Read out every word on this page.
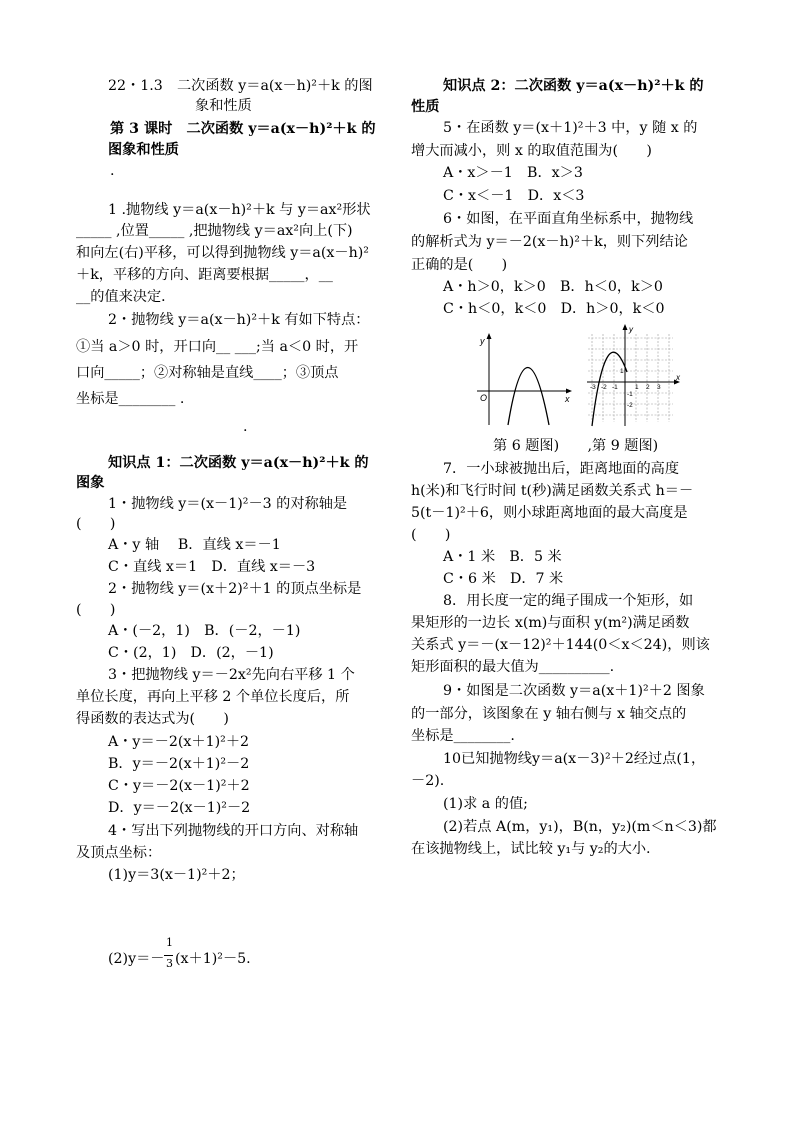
22・1.3　二次函数 y＝a(x－h)²＋k 的图
象和性质
第 3 课时　二次函数 y＝a(x－h)²＋k 的
图象和性质
.
1 .抛物线 y＝a(x－h)²＋k 与 y＝ax²形状
_____ ,位置_____ ,把抛物线 y＝ax²向上(下)
和向左(右)平移，可以得到抛物线 y＝a(x－h)²
＋k，平移的方向、距离要根据_____，__
__的值来决定．
2・抛物线 y＝a(x－h)²＋k 有如下特点：
①当 a＞0 时，开口向__ ___;当 a＜0 时，开
口向_____；②对称轴是直线____；③顶点
坐标是________ .
.
知识点 1：二次函数 y＝a(x－h)²＋k 的
图象
1・抛物线 y＝(x－1)²－3 的对称轴是
(　　)
A・y 轴　 B．直线 x＝－1
C・直线 x＝1　D．直线 x＝－3
2・抛物线 y＝(x＋2)²＋1 的顶点坐标是
(　　)
A・(－2，1)　B．(－2，－1)
C・(2，1)　D．(2，－1)
3・把抛物线 y＝－2x²先向右平移 1 个
单位长度，再向上平移 2 个单位长度后，所
得函数的表达式为(　　)
A・y＝－2(x＋1)²＋2
B．y＝－2(x＋1)²－2
C・y＝－2(x－1)²＋2
D．y＝－2(x－1)²－2
4・写出下列抛物线的开口方向、对称轴
及顶点坐标：
(1)y＝3(x－1)²＋2；
(2)y＝－
1
3 (x＋1)²－5.
知识点 2：二次函数 y＝a(x－h)²＋k 的
性质
5・在函数 y＝(x＋1)²＋3 中，y 随 x 的
增大而减小，则 x 的取值范围为(　　)
A・x＞－1　B．x＞3
C・x＜－1　D．x＜3
6・如图，在平面直角坐标系中，抛物线
的解析式为 y＝－2(x－h)²＋k，则下列结论
正确的是(　　)
A・h＞0，k＞0　B．h＜0，k＞0
C・h＜0，k＜0　D．h＞0，k＜0
y
O	x
y
x
-3 -2 -1	1 2 3
1
-1
-2
第 6 题图)　　,第 9 题图)
7．一小球被抛出后，距离地面的高度
h(米)和飞行时间 t(秒)满足函数关系式 h＝－
5(t－1)²＋6，则小球距离地面的最大高度是
(　　)
A・1 米　B．5 米
C・6 米　D．7 米
8．用长度一定的绳子围成一个矩形，如
果矩形的一边长 x(m)与面积 y(m²)满足函数
关系式 y＝－(x－12)²＋144(0＜x＜24)，则该
矩形面积的最大值为__________.
9・如图是二次函数 y＝a(x＋1)²＋2 图象
的一部分，该图象在 y 轴右侧与 x 轴交点的
坐标是________.
10已知抛物线y＝a(x－3)²＋2经过点(1，
－2).
(1)求 a 的值;
(2)若点 A(m，y₁)，B(n，y₂)(m＜n＜3)都
在该抛物线上，试比较 y₁与 y₂的大小.
